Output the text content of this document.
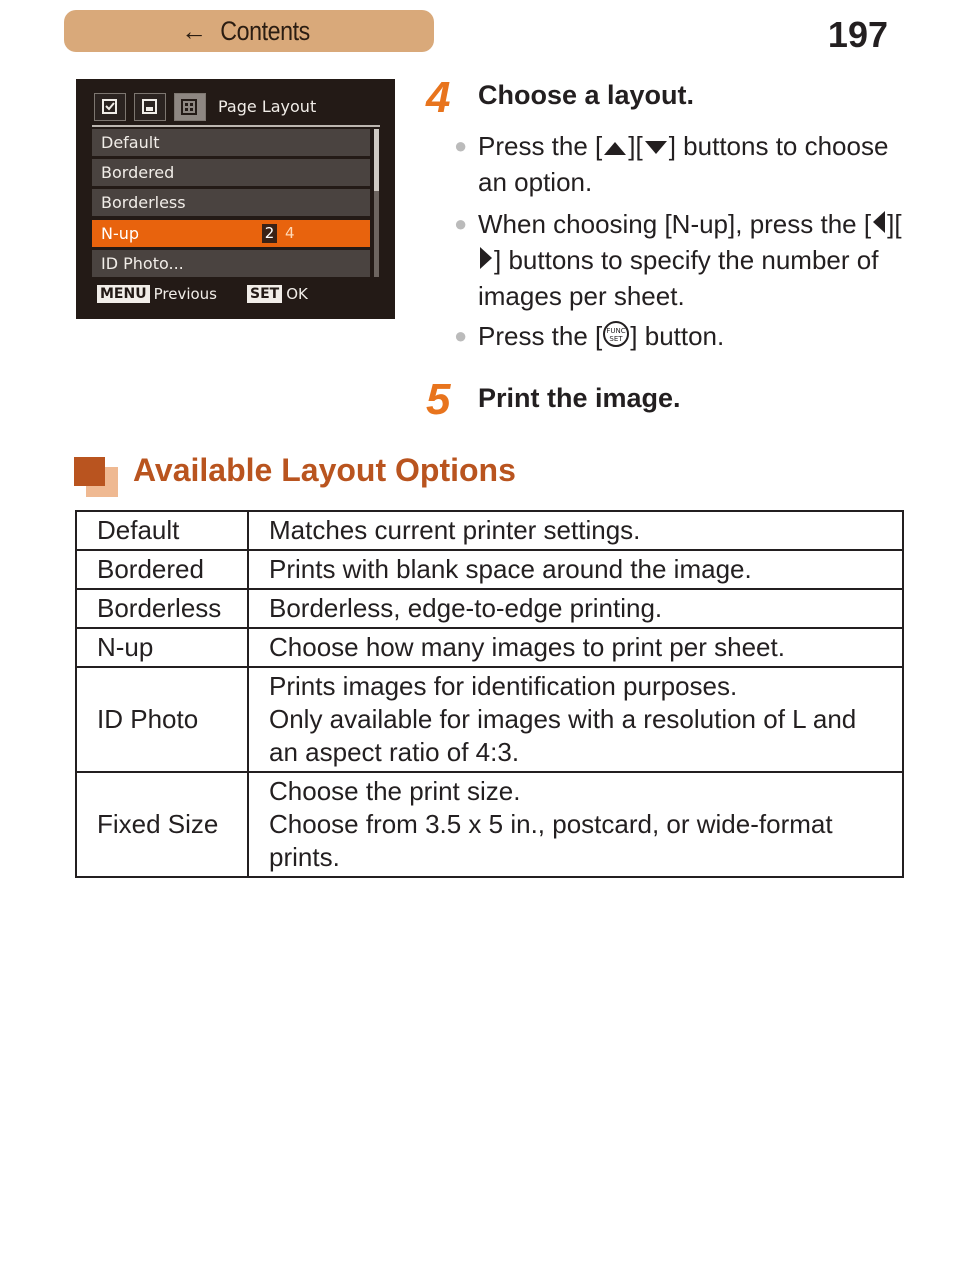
← Contents	197
Page Layout
Default
Bordered
Borderless
N-up	2 4
ID Photo...
MENU Previous SET OK
4 Choose a layout.
● Press the [ ][ ] buttons to choose an option.
● When choosing [N-up], press the [ ][] buttons to specify the number of images per sheet.
● Press the [ FUNC
SET ] button.
5 Print the image.
Available Layout Options
Default	Matches current printer settings.

Bordered	Prints with blank space around the image.

Borderless	Borderless, edge-to-edge printing.

N-up	Choose how many images to print per sheet.

ID Photo	Prints images for identification purposes.
Only available for images with a resolution of L and an aspect ratio of 4:3.

Fixed Size	Choose the print size.
Choose from 3.5 x 5 in., postcard, or wide-format prints.
